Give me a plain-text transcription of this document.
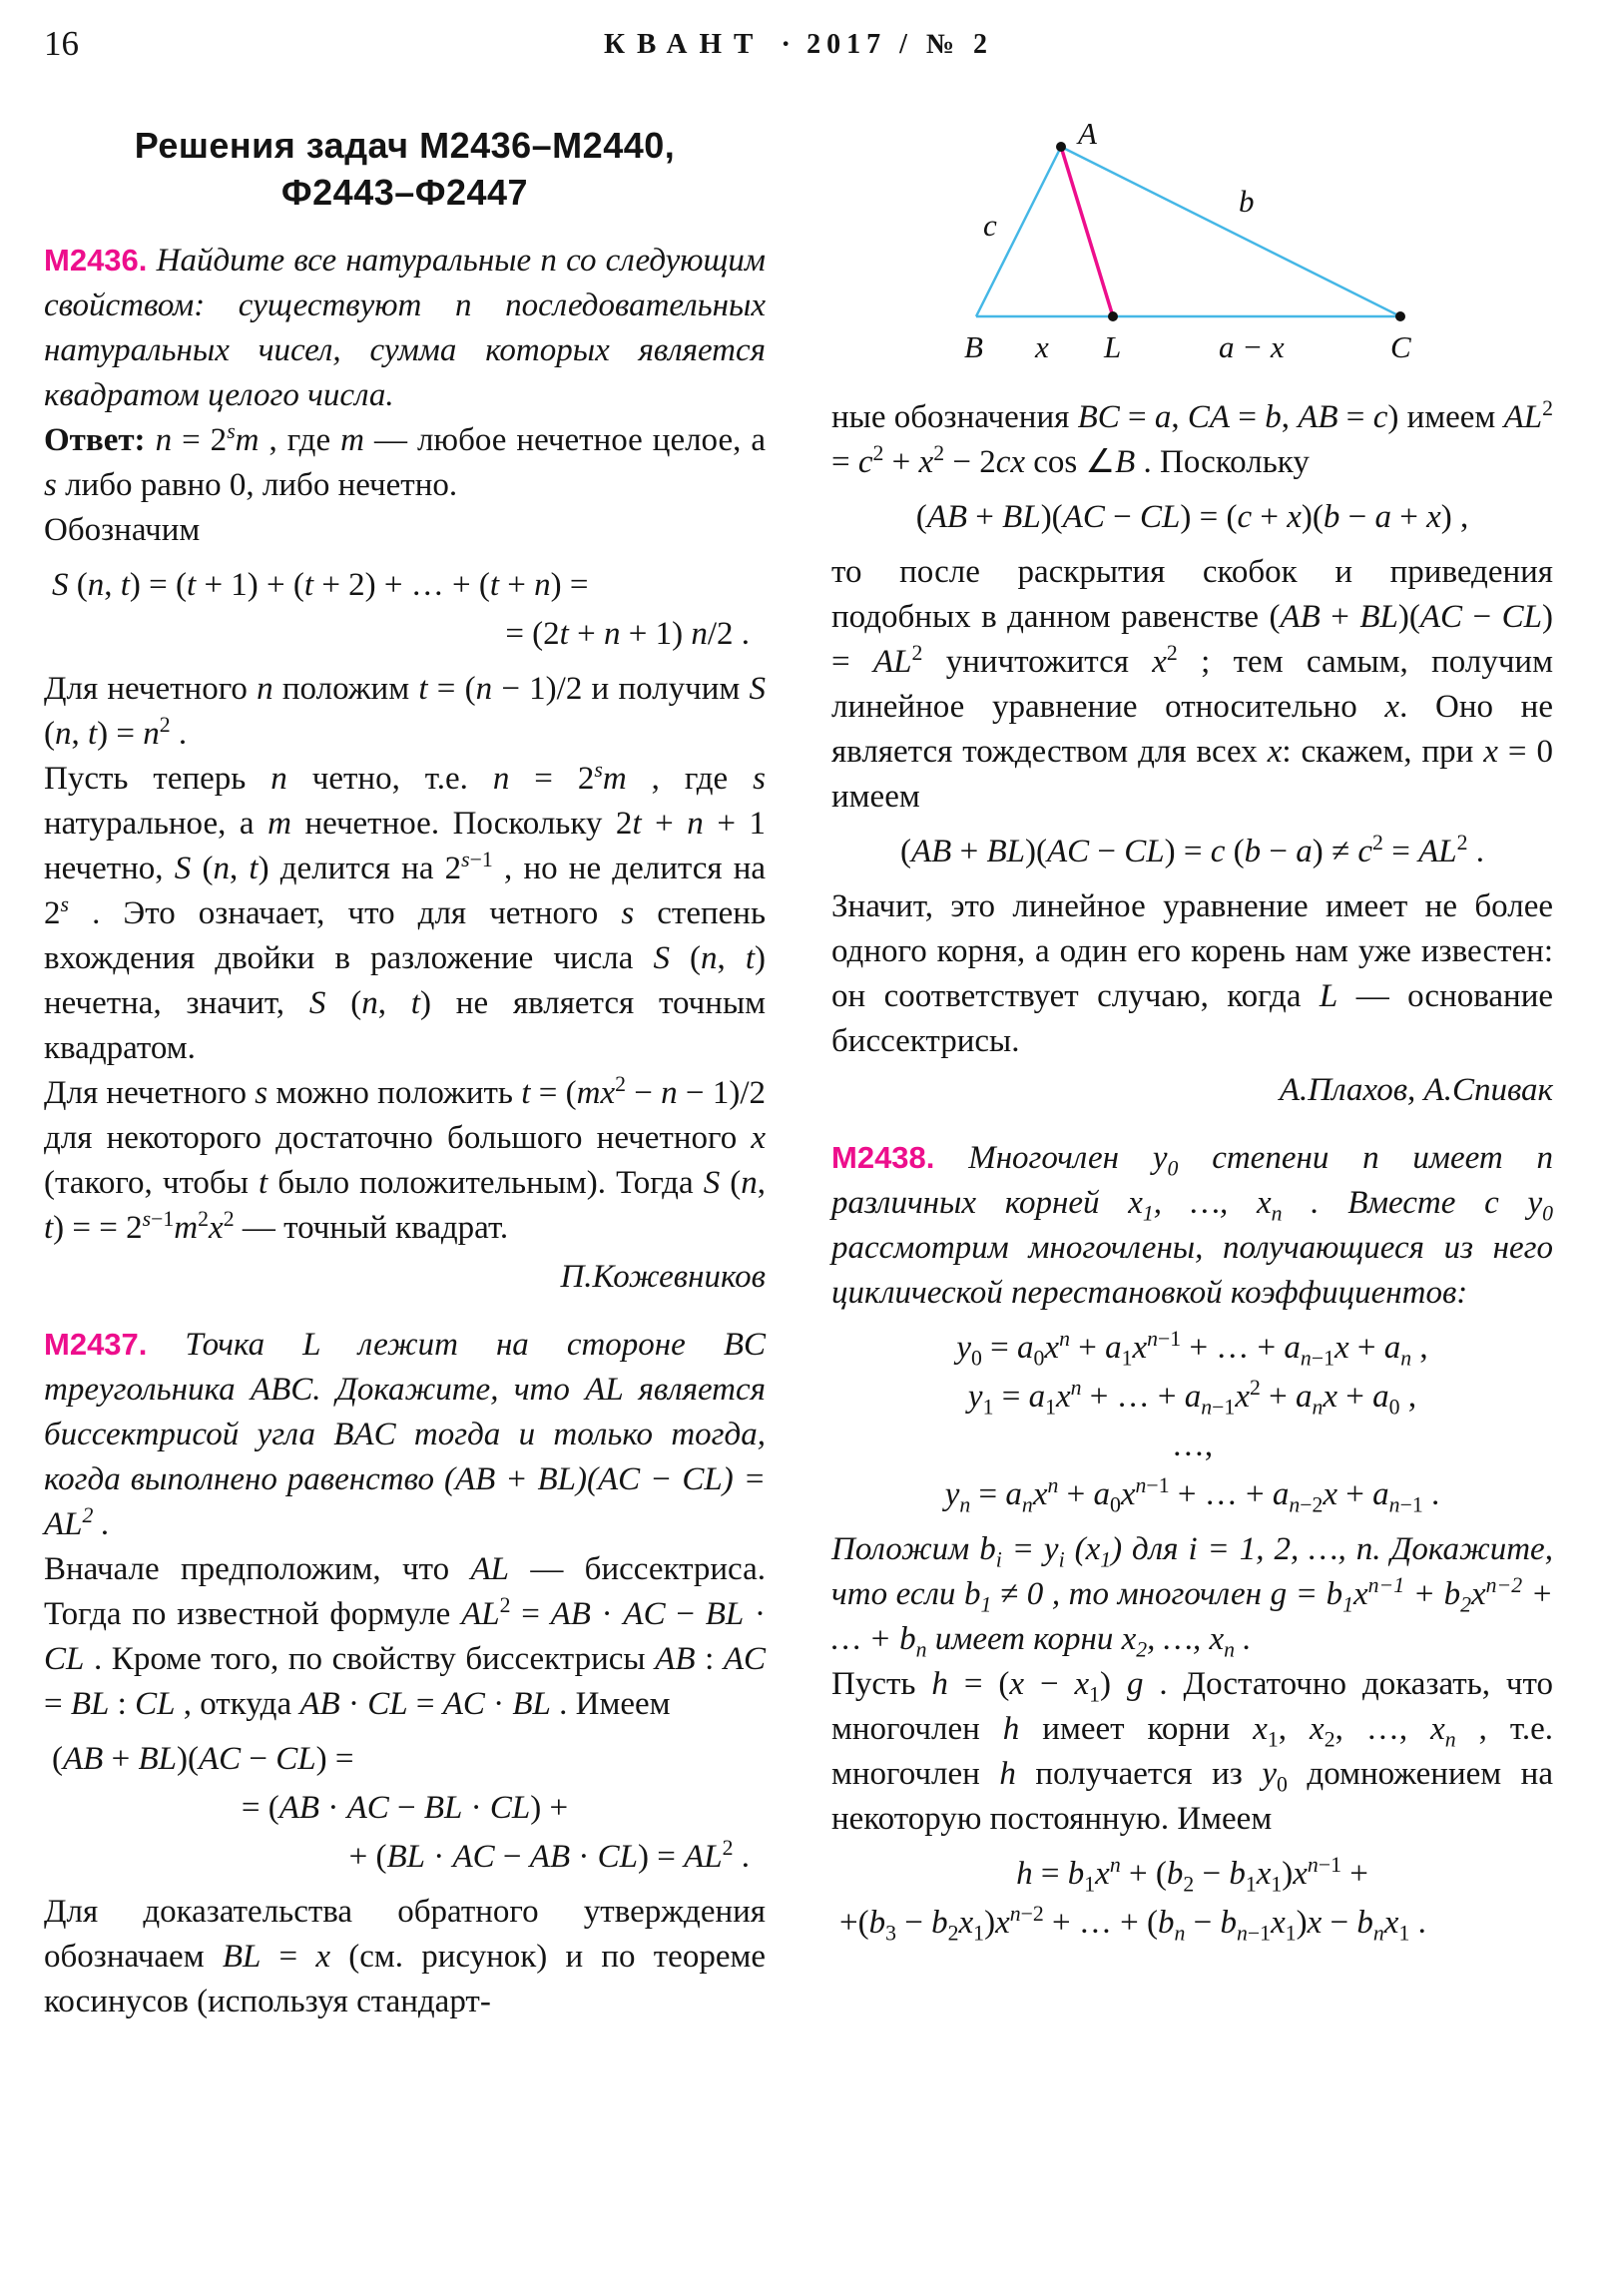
16	КВАНТ · 2017 / № 2
Решения задач М2436–М2440,
Ф2443–Ф2447
М2436. Найдите все натуральные n со следующим свойством: существуют n последовательных натуральных чисел, сумма которых является квадратом целого числа.
Ответ: $n = 2^sm$ , где m — любое нечетное целое, а s либо равно 0, либо нечетно.
Обозначим
S (n, t) = (t + 1) + (t + 2) + … + (t + n) =
= (2t + n + 1) n/2 .
Для нечетного n положим t = (n − 1)/2 и получим S (n, $t) = n^2$ .
Пусть теперь n четно, т.е. $n = 2^sm$ , где s натуральное, а m нечетное. Поскольку 2t + n + 1 нечетно, S (n, t) делится на $2^{s-1}$ , но не делится на 2$^s$ . Это означает, что для четного s степень вхождения двойки в разложение числа S (n, t) нечетна, значит, S (n, t) не является точным квадратом.
Для нечетного s можно положить $t = (mx^2 - n - 1)/2$ для некоторого достаточно большого нечетного x (такого, чтобы t было положительным). Тогда S (n, t) = = $2^{s-1}m^2x^2$ — точный квадрат.
П.Кожевников
М2437. Точка L лежит на стороне BC треугольника ABC. Докажите, что AL является биссектрисой угла BAC тогда и только тогда, когда выполнено равенство $(AB + BL)(AC - CL) = AL^2$ .
Вначале предположим, что AL — биссектриса. Тогда по известной формуле $AL^2$ = AB · AC − BL · CL . Кроме того, по свойству биссектрисы AB : AC = BL : CL , откуда AB · CL = AC · BL . Имеем
(AB + BL)(AC − CL) =
= (AB · AC − BL · CL) +
+ (BL · AC − AB · $CL) = AL^2$ .
Для доказательства обратного утверждения обозначаем BL = x (см. рисунок) и по теореме косинусов (используя стандарт-
A
c
b
B x L	a − x	C
ные обозначения BC = a, CA = b, AB = c) имеем $AL^2 = c^2 + x^2 - 2cx$ cos ∠B . Поскольку
(AB + BL)(AC − CL) = (c + x)(b − a + x) ,
то после раскрытия скобок и приведения подобных в данном равенстве $(AB + BL)(AC - CL) = AL^2$ уничтожится $x^2$ ; тем самым, получим линейное уравнение относительно x. Оно не является тождеством для всех x: скажем, при x = 0 имеем
(AB + BL)(AC − CL) = c $(b - a) \ne c^2 = AL^2$ .
Значит, это линейное уравнение имеет не более одного корня, а один его корень нам уже известен: он соответствует случаю, когда L — основание биссектрисы.
А.Плахов, А.Спивак
М2438. Многочлен $y_0$ степени n имеет n различных корней $x_1$, …, $x_n$ . Вместе с $y_0$ рассмотрим многочлены, получающиеся из него циклической перестановкой коэффициентов:
$y_0 = a_0x^n + a_1x^{n-1}$ + … + $a_{n-1}x + a_n$ ,
$y_1 = a_1x^n$ + … + $a_{n-1}x^2 + a_nx + a_0$ ,
…,
$y_n = a_nx^n + a_0x^{n-1}$ + … + $a_{n-2}x + a_{n-1}$ .
Положим $b_i = y_i$ $(x_1)$ для i = 1, 2, …, n. Докажите, что если $b_1 \ne 0$ , то многочлен $g = b_1x^{n-1} + b_2x^{n-2}$ + … + $b_n$ имеет корни $x_2$, …, $x_n$ .
Пусть $h = (x - x_1)$ g . Достаточно доказать, что многочлен h имеет корни $x_1$, $x_2$, …, $x_n$ , т.е. многочлен h получается из $y_0$ домножением на некоторую постоянную. Имеем
$h = b_1x^n + (b_2 - b_1x_1)x^{n-1}$ +
$+(b_3 - b_2x_1)x^{n-2}$ + … + $(b_n - b_{n-1}x_1)x - b_nx_1$ .
